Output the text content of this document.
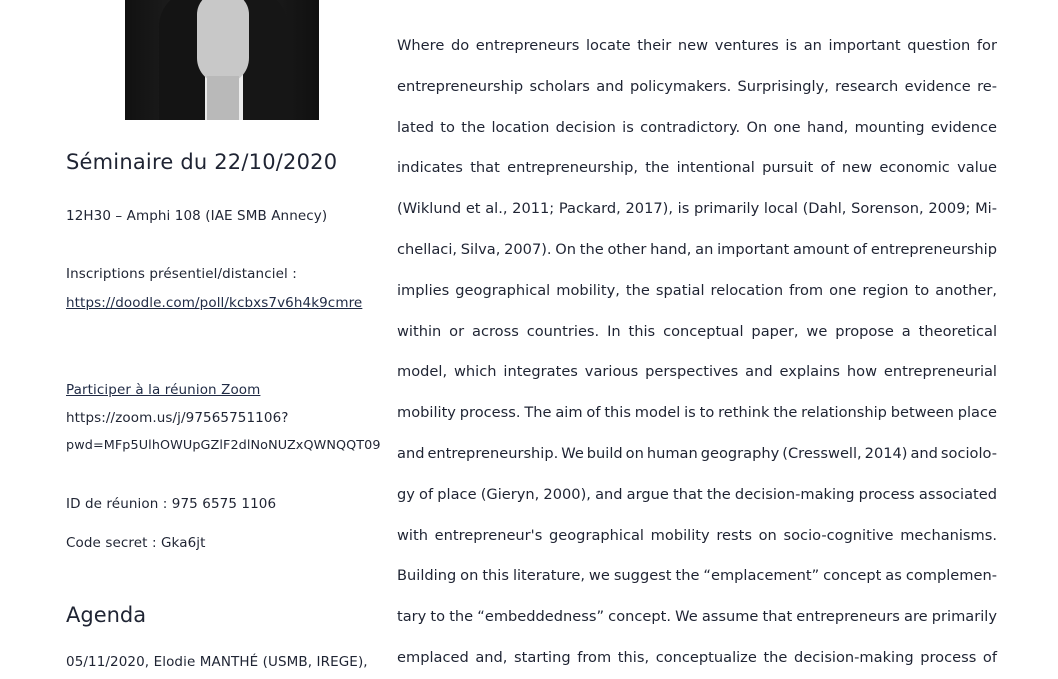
Séminaire du 22/10/2020
12H30 – Amphi 108 (IAE SMB Annecy)
Inscriptions présentiel/distanciel :
https://doodle.com/poll/kcbxs7v6h4k9cmre
Participer à la réunion Zoom
https://zoom.us/j/97565751106?
pwd=MFp5UlhOWUpGZlF2dlNoNUZxQWNQQT09
ID de réunion : 975 6575 1106
Code secret : Gka6jt
Agenda
05/11/2020, Elodie MANTHÉ (USMB, IREGE),
Where do entrepreneurs locate their new ventures is an important question for
entrepreneurship scholars and policymakers. Surprisingly, research evidence re-
lated to the location decision is contradictory. On one hand, mounting evidence
indicates that entrepreneurship, the intentional pursuit of new economic value
(Wiklund et al., 2011; Packard, 2017), is primarily local (Dahl, Sorenson, 2009; Mi-
chellaci, Silva, 2007). On the other hand, an important amount of entrepreneurship
implies geographical mobility, the spatial relocation from one region to another,
within or across countries. In this conceptual paper, we propose a theoretical
model, which integrates various perspectives and explains how entrepreneurial
mobility process. The aim of this model is to rethink the relationship between place
and entrepreneurship. We build on human geography (Cresswell, 2014) and sociolo-
gy of place (Gieryn, 2000), and argue that the decision-making process associated
with entrepreneur's geographical mobility rests on socio-cognitive mechanisms.
Building on this literature, we suggest the “emplacement” concept as complemen-
tary to the “embeddedness” concept. We assume that entrepreneurs are primarily
emplaced and, starting from this, conceptualize the decision-making process of
